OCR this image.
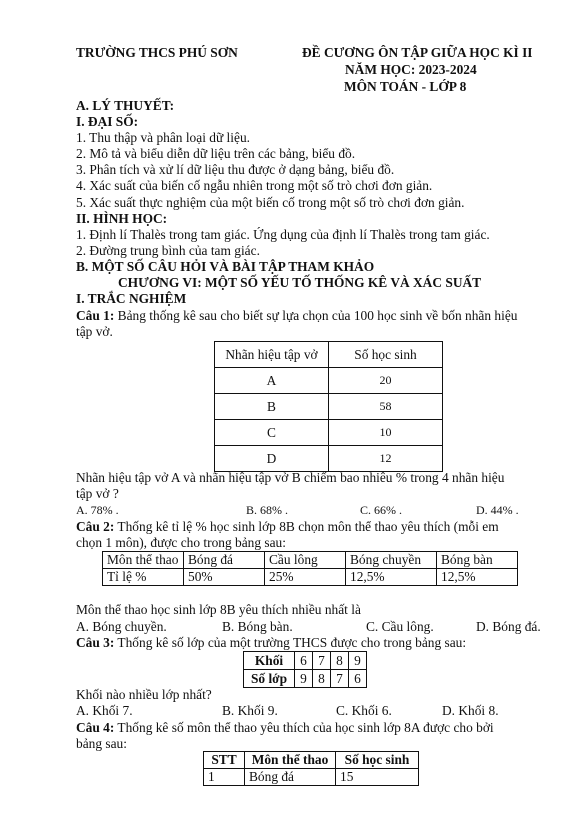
TRƯỜNG THCS PHÚ SƠN	ĐỀ CƯƠNG ÔN TẬP GIỮA HỌC KÌ II
NĂM HỌC: 2023-2024
MÔN TOÁN - LỚP 8
A. LÝ THUYẾT:
I. ĐẠI SỐ:
1. Thu thập và phân loại dữ liệu.
2. Mô tả và biểu diễn dữ liệu trên các bảng, biểu đồ.
3. Phân tích và xử lí dữ liệu thu được ở dạng bảng, biểu đồ.
4. Xác suất của biến cố ngẫu nhiên trong một số trò chơi đơn giản.
5. Xác suất thực nghiệm của một biến cố trong một số trò chơi đơn giản.
II. HÌNH HỌC:
1. Định lí Thalès trong tam giác. Ứng dụng của định lí Thalès trong tam giác.
2. Đường trung bình của tam giác.
B. MỘT SỐ CÂU HỎI VÀ BÀI TẬP THAM KHẢO
CHƯƠNG VI: MỘT SỐ YẾU TỐ THỐNG KÊ VÀ XÁC SUẤT
I. TRẮC NGHIỆM
Câu 1: Bảng thống kê sau cho biết sự lựa chọn của 100 học sinh về bốn nhãn hiệu
tập vở.
Nhãn hiệu tập vở	Số học sinh
A	20
B	58
C	10
D	12
Nhãn hiệu tập vở A và nhãn hiệu tập vở B chiếm bao nhiêu % trong 4 nhãn hiệu
tập vở ?
A. 78% .	B. 68% .	C. 66% .	D. 44% .
Câu 2: Thống kê tỉ lệ % học sinh lớp 8B chọn môn thể thao yêu thích (mỗi em
chọn 1 môn), được cho trong bảng sau:
Môn thể thao	Bóng đá	Cầu lông	Bóng chuyền	Bóng bàn
Tỉ lệ %	50%	25%	12,5%	12,5%
Môn thể thao học sinh lớp 8B yêu thích nhiều nhất là
A. Bóng chuyền.	B. Bóng bàn.	C. Cầu lông.	D. Bóng đá.
Câu 3: Thống kê số lớp của một trường THCS được cho trong bảng sau:
Khối	6	7	8	9
Số lớp	9	8	7	6
Khối nào nhiều lớp nhất?
A. Khối 7.	B. Khối 9.	C. Khối 6.	D. Khối 8.
Câu 4: Thống kê số môn thể thao yêu thích của học sinh lớp 8A được cho bởi
bảng sau:
STT	Môn thể thao	Số học sinh
1	Bóng đá	15
